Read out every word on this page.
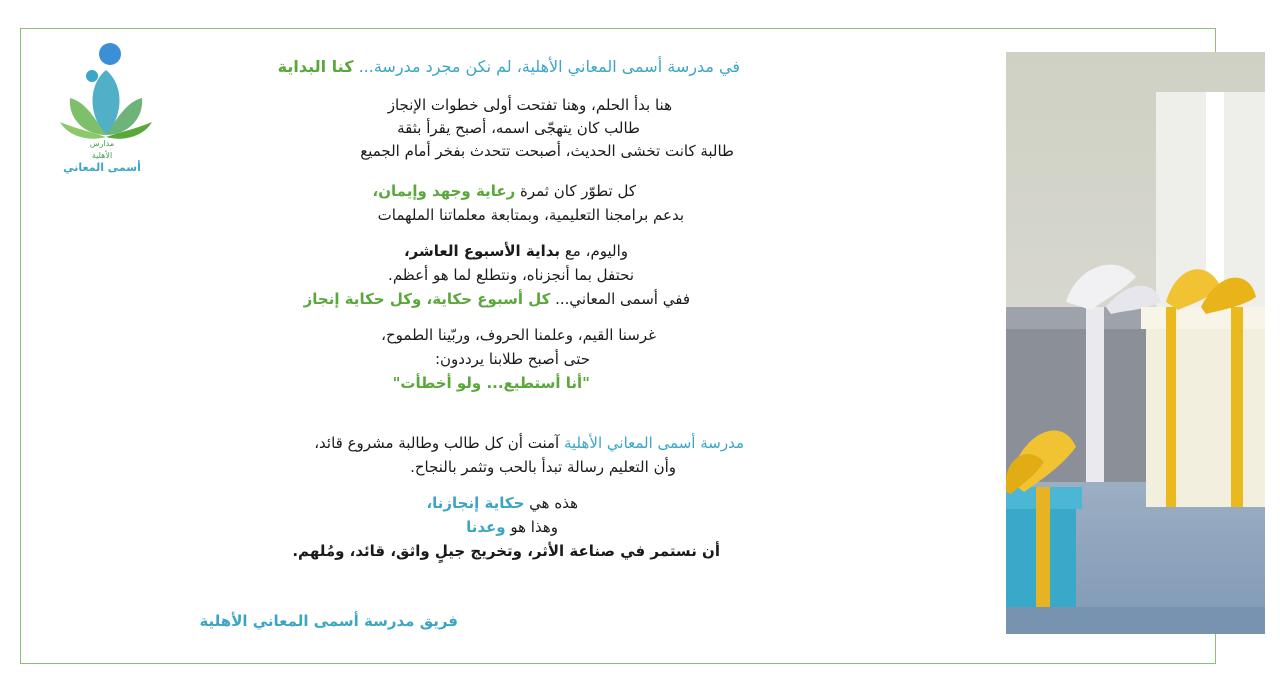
مدارس
الأهلية
أسمى المعاني
في مدرسة أسمى المعاني الأهلية، لم نكن مجرد مدرسة... كنا البداية
هنا بدأ الحلم، وهنا تفتحت أولى خطوات الإنجاز
طالب كان يتهجّى اسمه، أصبح يقرأ بثقة
طالبة كانت تخشى الحديث، أصبحت تتحدث بفخر أمام الجميع
كل تطوّر كان ثمرة رعاية وجهد وإيمان،
بدعم برامجنا التعليمية، وبمتابعة معلماتنا الملهمات
واليوم، مع بداية الأسبوع العاشر،
نحتفل بما أنجزناه، ونتطلع لما هو أعظم.
ففي أسمى المعاني... كل أسبوع حكاية، وكل حكاية إنجاز
غرسنا القيم، وعلمنا الحروف، وربّينا الطموح،
حتى أصبح طلابنا يرددون:
"أنا أستطيع... ولو أخطأت"
مدرسة أسمى المعاني الأهلية آمنت أن كل طالب وطالبة مشروع قائد،
وأن التعليم رسالة تبدأ بالحب وتثمر بالنجاح.
هذه هي حكاية إنجازنا،
وهذا هو وعدنا
أن نستمر في صناعة الأثر، وتخريج جيلٍ واثق، قائد، ومُلهم.
فريق مدرسة أسمى المعاني الأهلية
